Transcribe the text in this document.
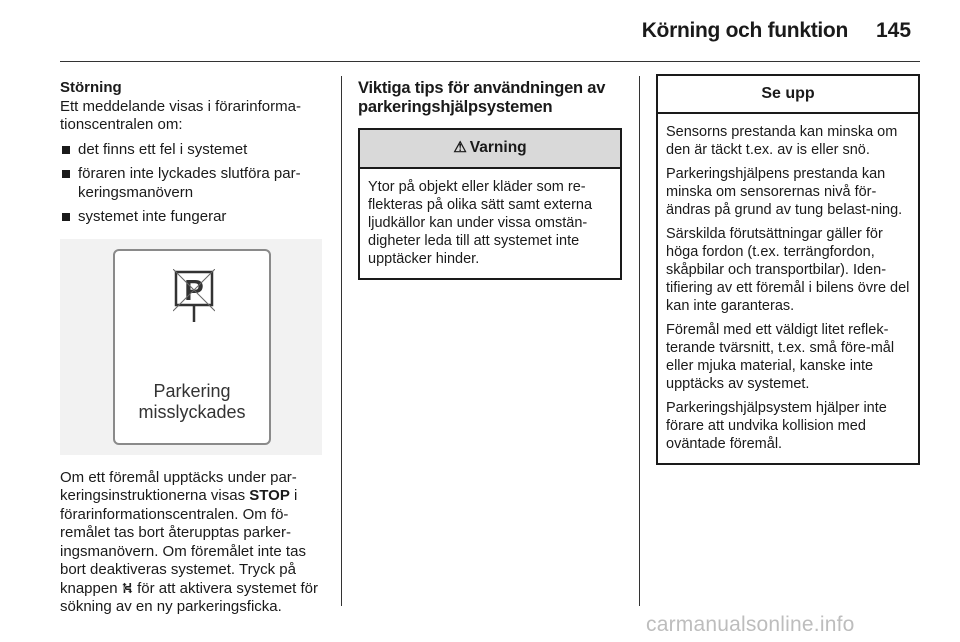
Körning och funktion 145

Störning

Ett meddelande visas i förarinforma-tionscentralen om:

det finns ett fel i systemet
föraren inte lyckades slutföra par-keringsmanövern
systemet inte fungerar
P
Parkering
misslyckades

Om ett föremål upptäcks under par-keringsinstruktionerna visas STOP i förarinformationscentralen. Om fö-remålet tas bort återupptas parker-ingsmanövern. Om föremålet inte tas bort deaktiveras systemet. Tryck på knappen ⛕ för att aktivera systemet för sökning av en ny parkeringsficka.

Viktiga tips för användningen av parkeringshjälpsystemen

⚠ Varning
Ytor på objekt eller kläder som re-flekteras på olika sätt samt externa ljudkällor kan under vissa omstän-digheter leda till att systemet inte upptäcker hinder.
Se upp

Sensorns prestanda kan minska om den är täckt t.ex. av is eller snö.

Parkeringshjälpens prestanda kan minska om sensorernas nivå för-ändras på grund av tung belast-ning.

Särskilda förutsättningar gäller för höga fordon (t.ex. terrängfordon, skåpbilar och transportbilar). Iden-tifiering av ett föremål i bilens övre del kan inte garanteras.

Föremål med ett väldigt litet reflek-terande tvärsnitt, t.ex. små före-mål eller mjuka material, kanske inte upptäcks av systemet.

Parkeringshjälpsystem hjälper inte förare att undvika kollision med oväntade föremål.

carmanualsonline.info
